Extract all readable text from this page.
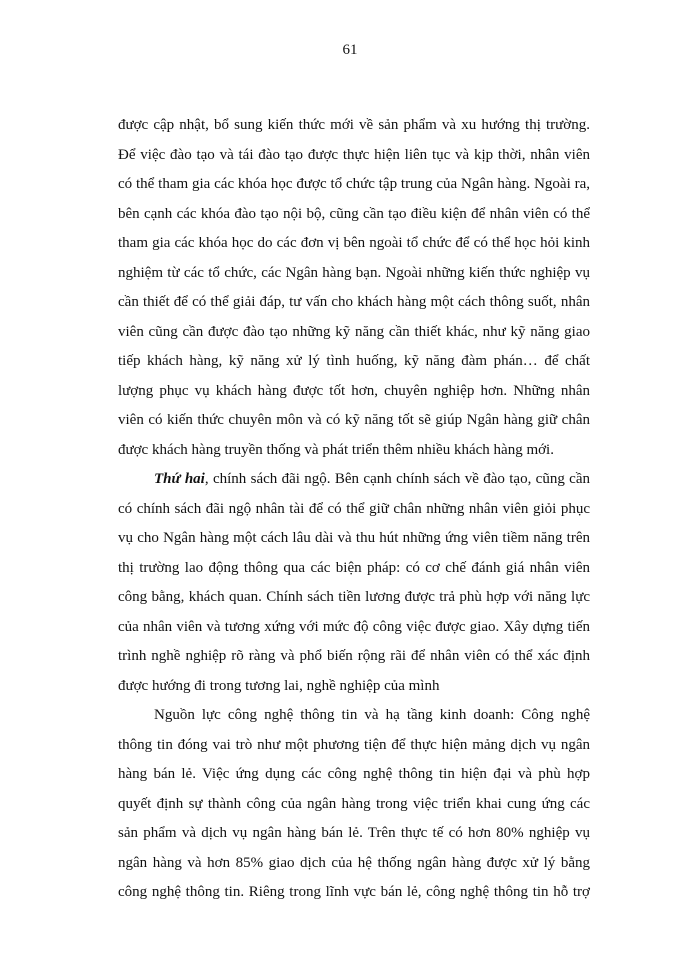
61
được cập nhật, bổ sung kiến thức mới về sản phẩm và xu hướng thị trường.
Để việc đào tạo và tái đào tạo được thực hiện liên tục và kịp thời, nhân viên
có thể tham gia các khóa học được tổ chức tập trung của Ngân hàng. Ngoài ra,
bên cạnh các khóa đào tạo nội bộ, cũng cần tạo điều kiện để nhân viên có thể
tham gia các khóa học do các đơn vị bên ngoài tổ chức để có thể học hỏi kinh
nghiệm từ các tổ chức, các Ngân hàng bạn. Ngoài những kiến thức nghiệp vụ
cần thiết để có thể giải đáp, tư vấn cho khách hàng một cách thông suốt, nhân
viên cũng cần được đào tạo những kỹ năng cần thiết khác, như kỹ năng giao
tiếp khách hàng, kỹ năng xử lý tình huống, kỹ năng đàm phán… để chất
lượng phục vụ khách hàng được tốt hơn, chuyên nghiệp hơn. Những nhân
viên có kiến thức chuyên môn và có kỹ năng tốt sẽ giúp Ngân hàng giữ chân
được khách hàng truyền thống và phát triển thêm nhiều khách hàng mới.
Thứ hai, chính sách đãi ngộ. Bên cạnh chính sách về đào tạo, cũng cần
có chính sách đãi ngộ nhân tài để có thể giữ chân những nhân viên giỏi phục
vụ cho Ngân hàng một cách lâu dài và thu hút những ứng viên tiềm năng trên
thị trường lao động thông qua các biện pháp: có cơ chế đánh giá nhân viên
công bằng, khách quan. Chính sách tiền lương được trả phù hợp với năng lực
của nhân viên và tương xứng với mức độ công việc được giao. Xây dựng tiến
trình nghề nghiệp rõ ràng và phổ biến rộng rãi để nhân viên có thể xác định
được hướng đi trong tương lai, nghề nghiệp của mình
Nguồn lực công nghệ thông tin và hạ tầng kinh doanh: Công nghệ
thông tin đóng vai trò như một phương tiện để thực hiện mảng dịch vụ ngân
hàng bán lẻ. Việc ứng dụng các công nghệ thông tin hiện đại và phù hợp
quyết định sự thành công của ngân hàng trong việc triển khai cung ứng các
sản phẩm và dịch vụ ngân hàng bán lẻ. Trên thực tế có hơn 80% nghiệp vụ
ngân hàng và hơn 85% giao dịch của hệ thống ngân hàng được xử lý bằng
công nghệ thông tin. Riêng trong lĩnh vực bán lẻ, công nghệ thông tin hỗ trợ
